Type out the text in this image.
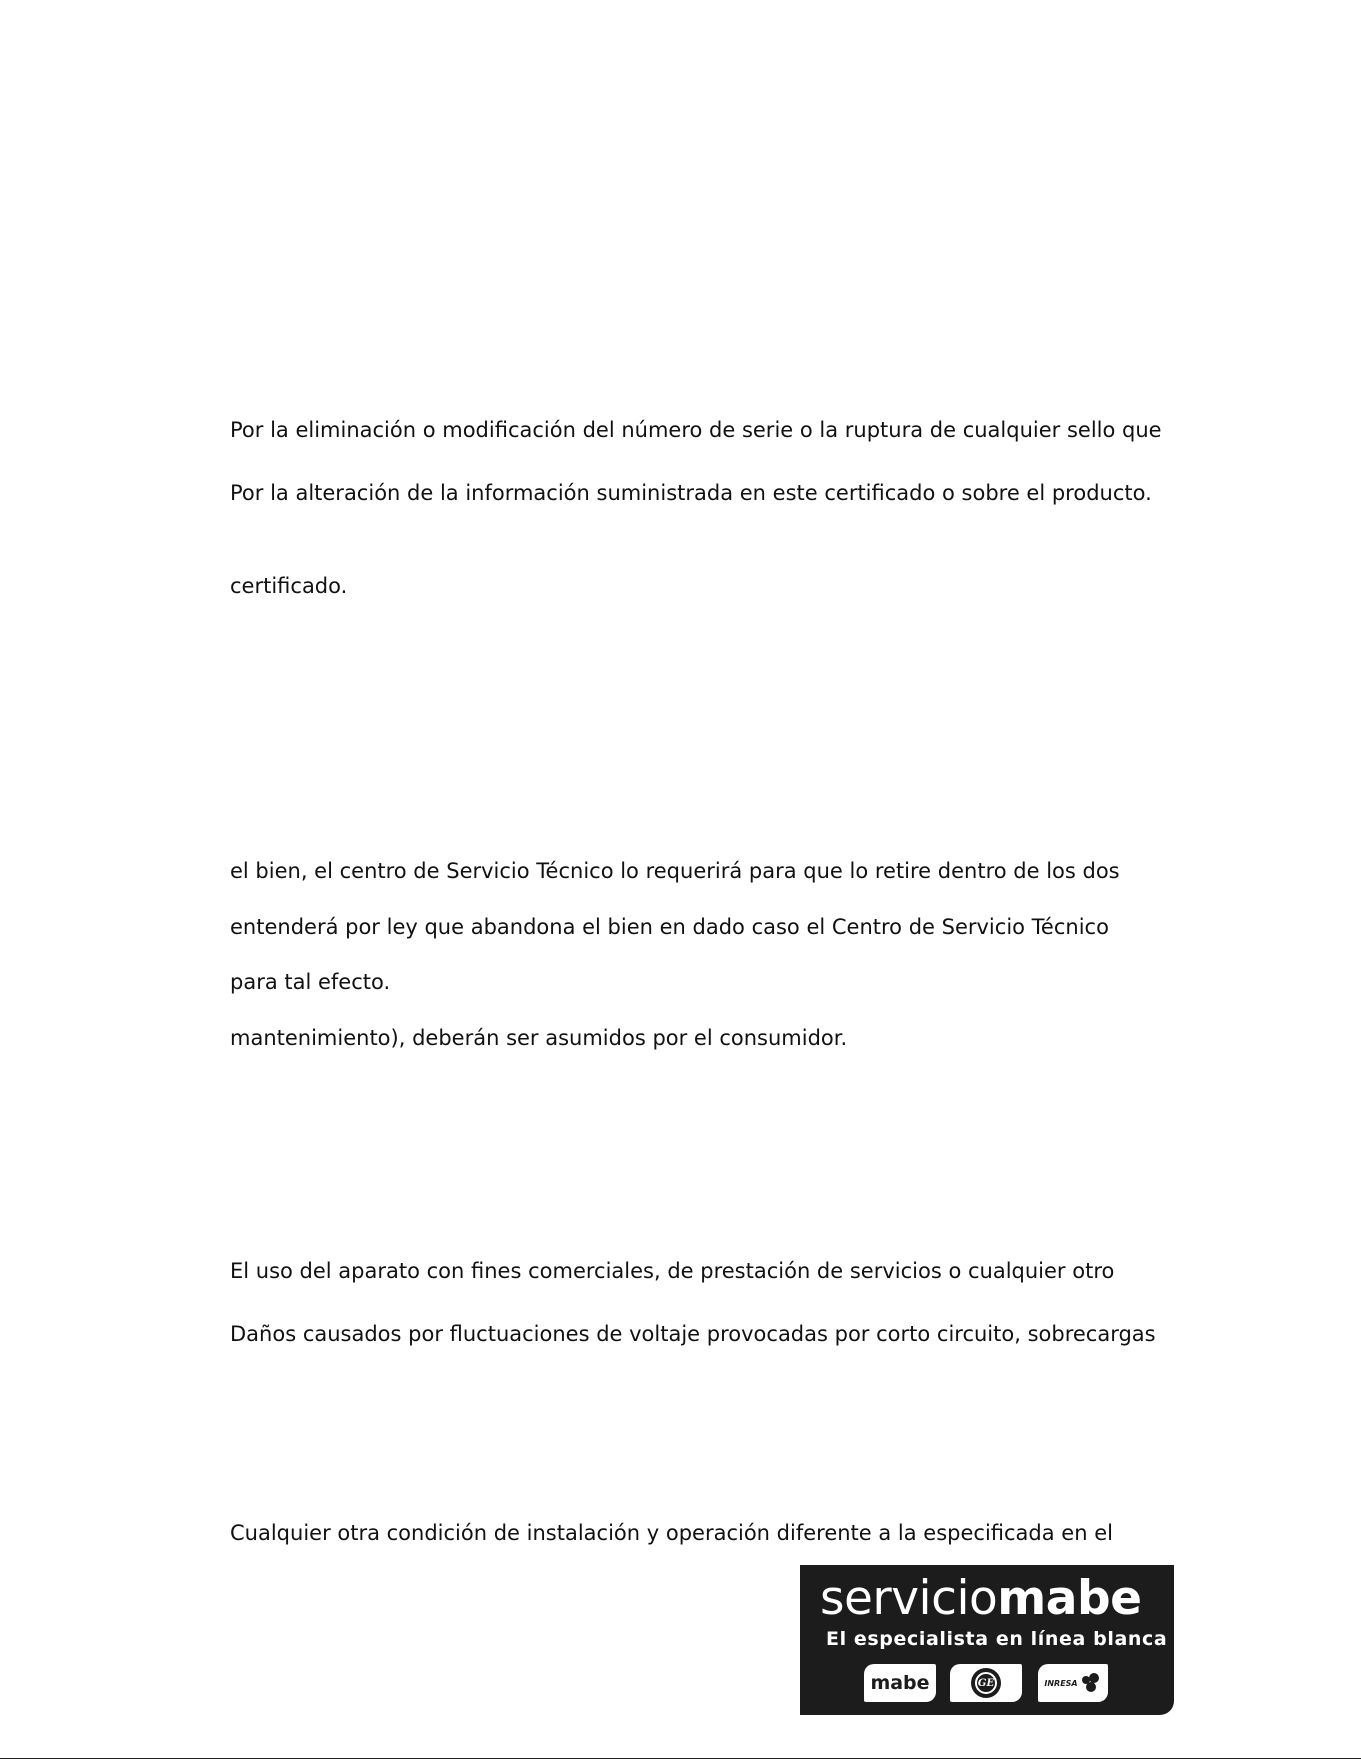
Por la eliminación o modificación del número de serie o la ruptura de cualquier sello que
Por la alteración de la información suministrada en este certificado o sobre el producto.
certificado.
el bien, el centro de Servicio Técnico lo requerirá para que lo retire dentro de los dos
entenderá por ley que abandona el bien en dado caso el Centro de Servicio Técnico
para tal efecto.
mantenimiento), deberán ser asumidos por el consumidor.
El uso del aparato con fines comerciales, de prestación de servicios o cualquier otro
Daños causados por fluctuaciones de voltaje provocadas por corto circuito, sobrecargas
Cualquier otra condición de instalación y operación diferente a la especificada en el
serviciomabe
El especialista en línea blanca
mabe	GE	INRESA
